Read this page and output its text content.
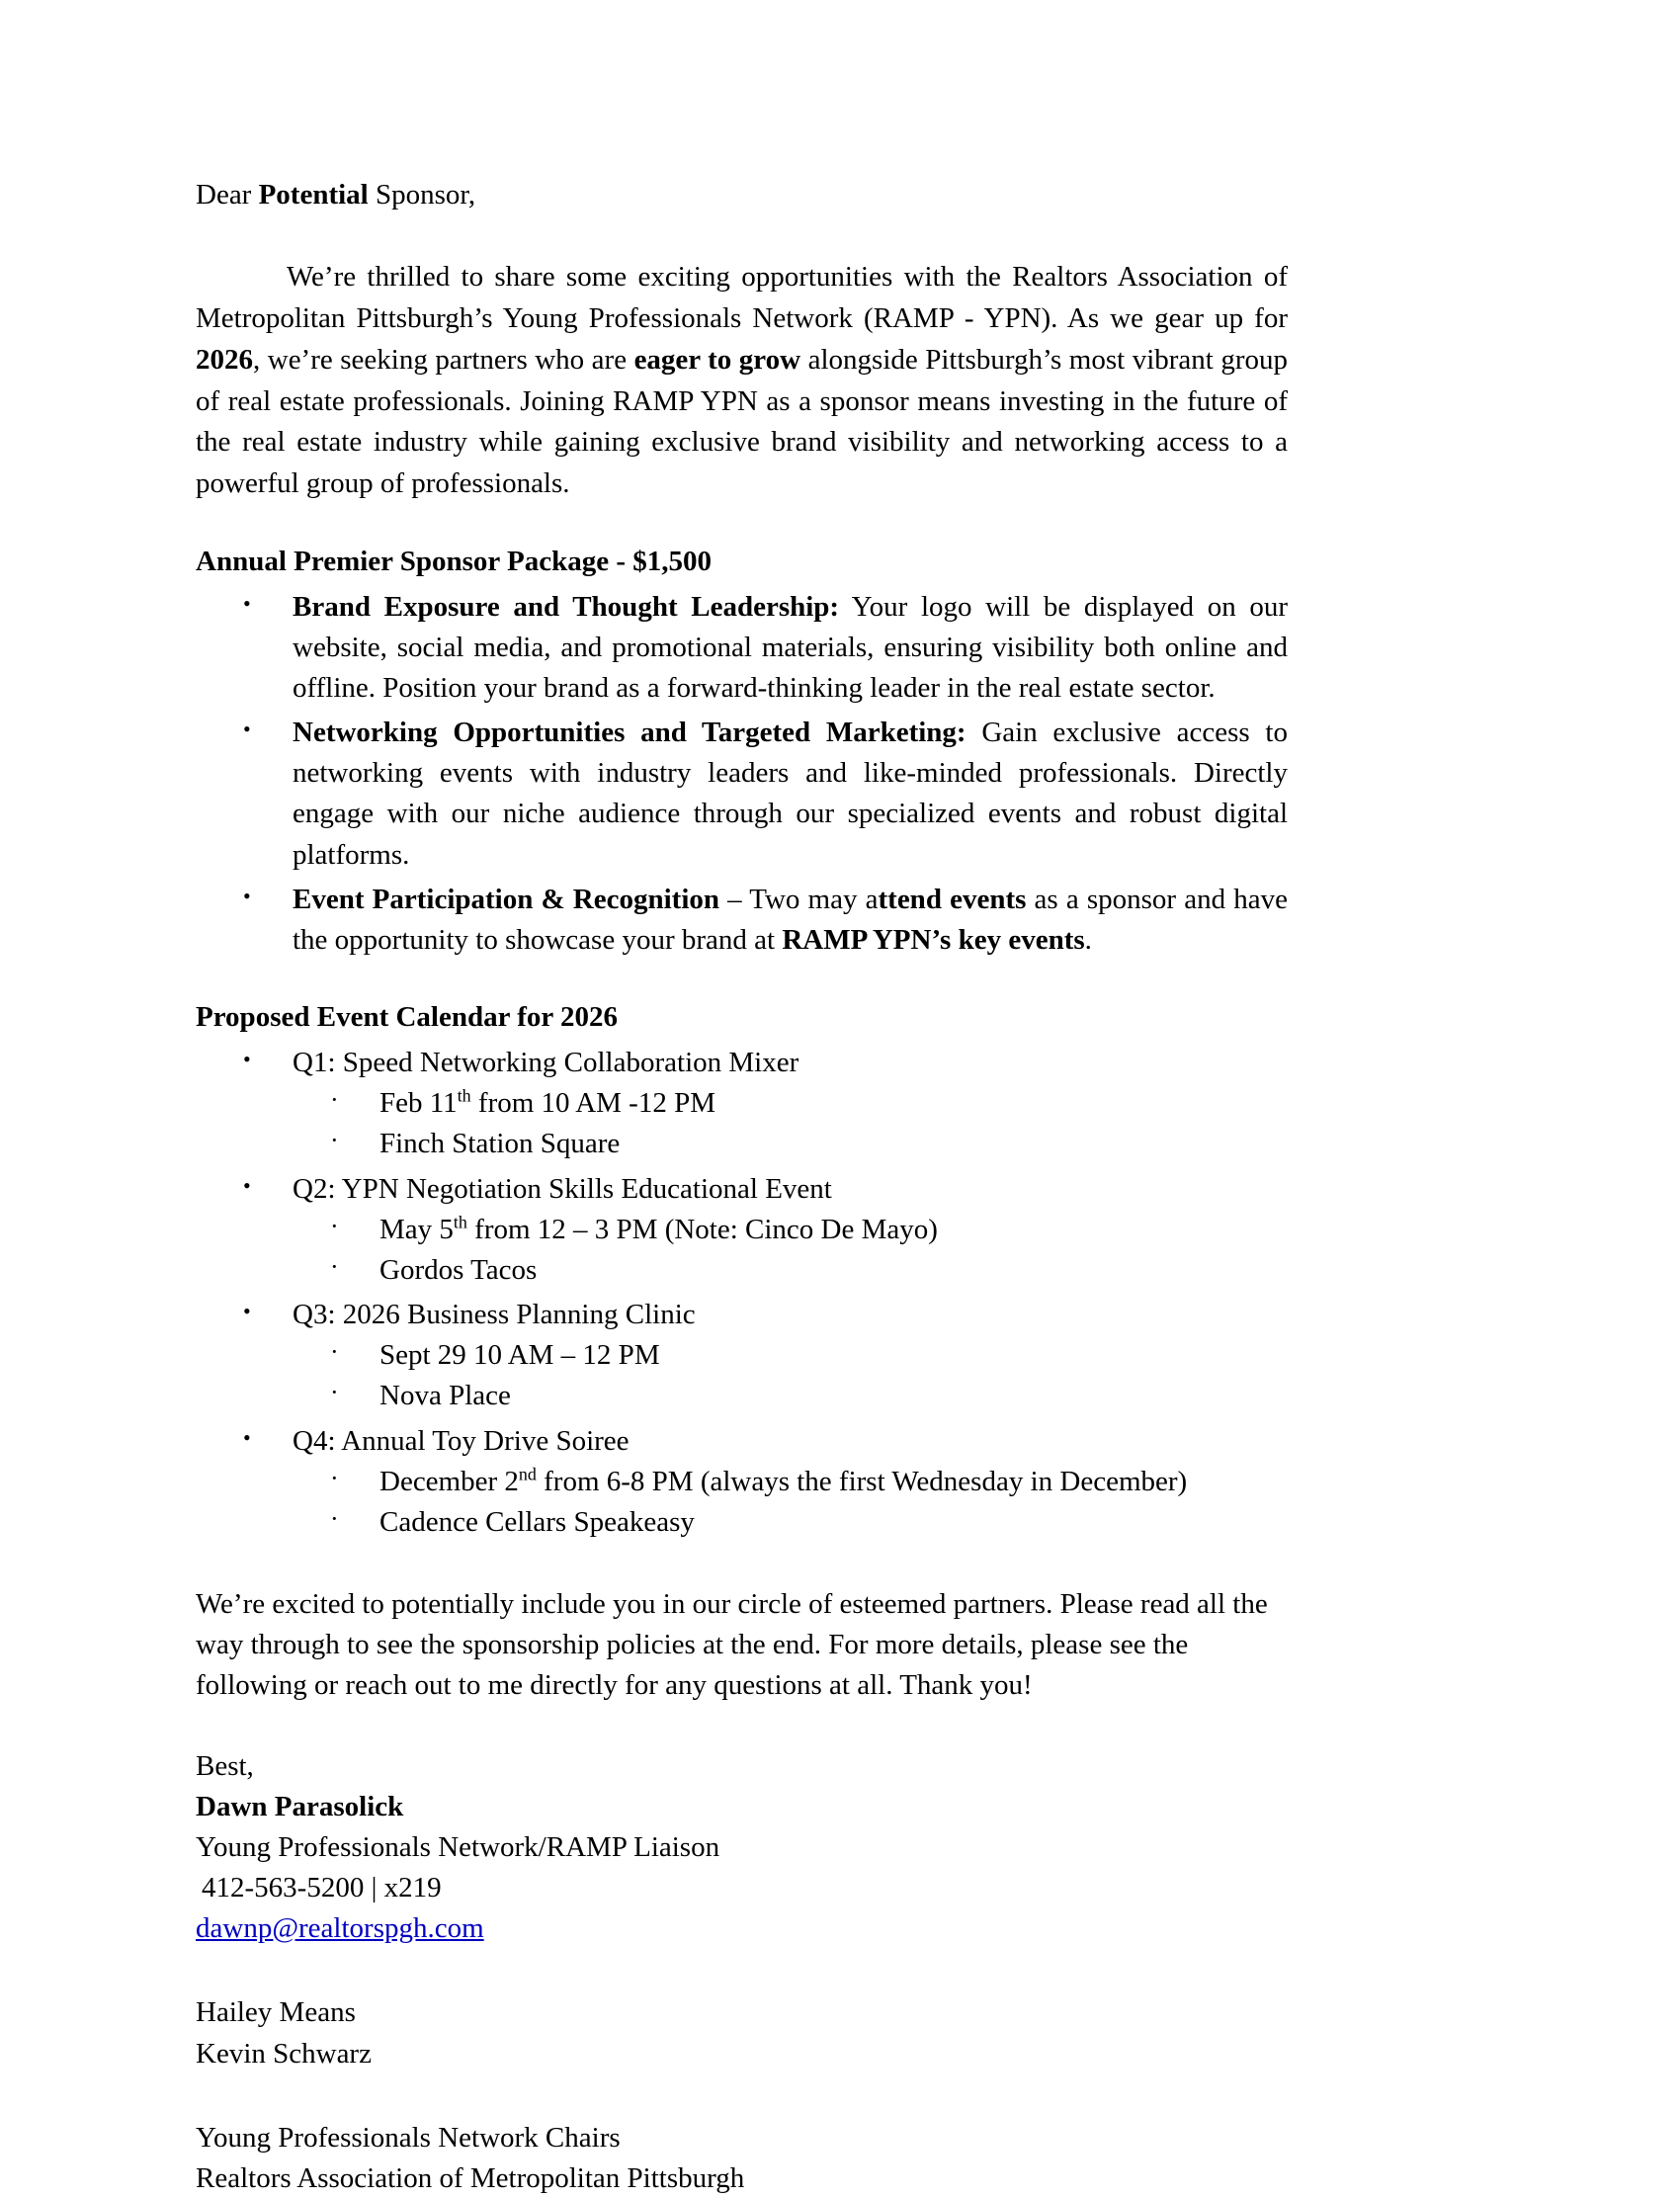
Dear Potential Sponsor,

We’re thrilled to share some exciting opportunities with the Realtors Association of Metropolitan Pittsburgh’s Young Professionals Network (RAMP - YPN). As we gear up for 2026, we’re seeking partners who are eager to grow alongside Pittsburgh’s most vibrant group of real estate professionals. Joining RAMP YPN as a sponsor means investing in the future of the real estate industry while gaining exclusive brand visibility and networking access to a powerful group of professionals.

Annual Premier Sponsor Package - $1,500
• Brand Exposure and Thought Leadership: Your logo will be displayed on our website, social media, and promotional materials, ensuring visibility both online and offline. Position your brand as a forward-thinking leader in the real estate sector.
• Networking Opportunities and Targeted Marketing: Gain exclusive access to networking events with industry leaders and like-minded professionals. Directly engage with our niche audience through our specialized events and robust digital platforms.
• Event Participation & Recognition – Two may attend events as a sponsor and have the opportunity to showcase your brand at RAMP YPN’s key events.
Proposed Event Calendar for 2026
• Q1: Speed Networking Collaboration Mixer
· Feb 11th from 10 AM -12 PM
· Finch Station Square
• Q2: YPN Negotiation Skills Educational Event
· May 5th from 12 – 3 PM (Note: Cinco De Mayo)
· Gordos Tacos
• Q3: 2026 Business Planning Clinic
· Sept 29 10 AM – 12 PM
· Nova Place
• Q4: Annual Toy Drive Soiree
· December 2nd from 6-8 PM (always the first Wednesday in December)
· Cadence Cellars Speakeasy

We’re excited to potentially include you in our circle of esteemed partners. Please read all the way through to see the sponsorship policies at the end. For more details, please see the following or reach out to me directly for any questions at all. Thank you!

Best,
Dawn Parasolick
Young Professionals Network/RAMP Liaison
412-563-5200 | x219
dawnp@realtorspgh.com
Hailey Means
Kevin Schwarz
Young Professionals Network Chairs
Realtors Association of Metropolitan Pittsburgh
